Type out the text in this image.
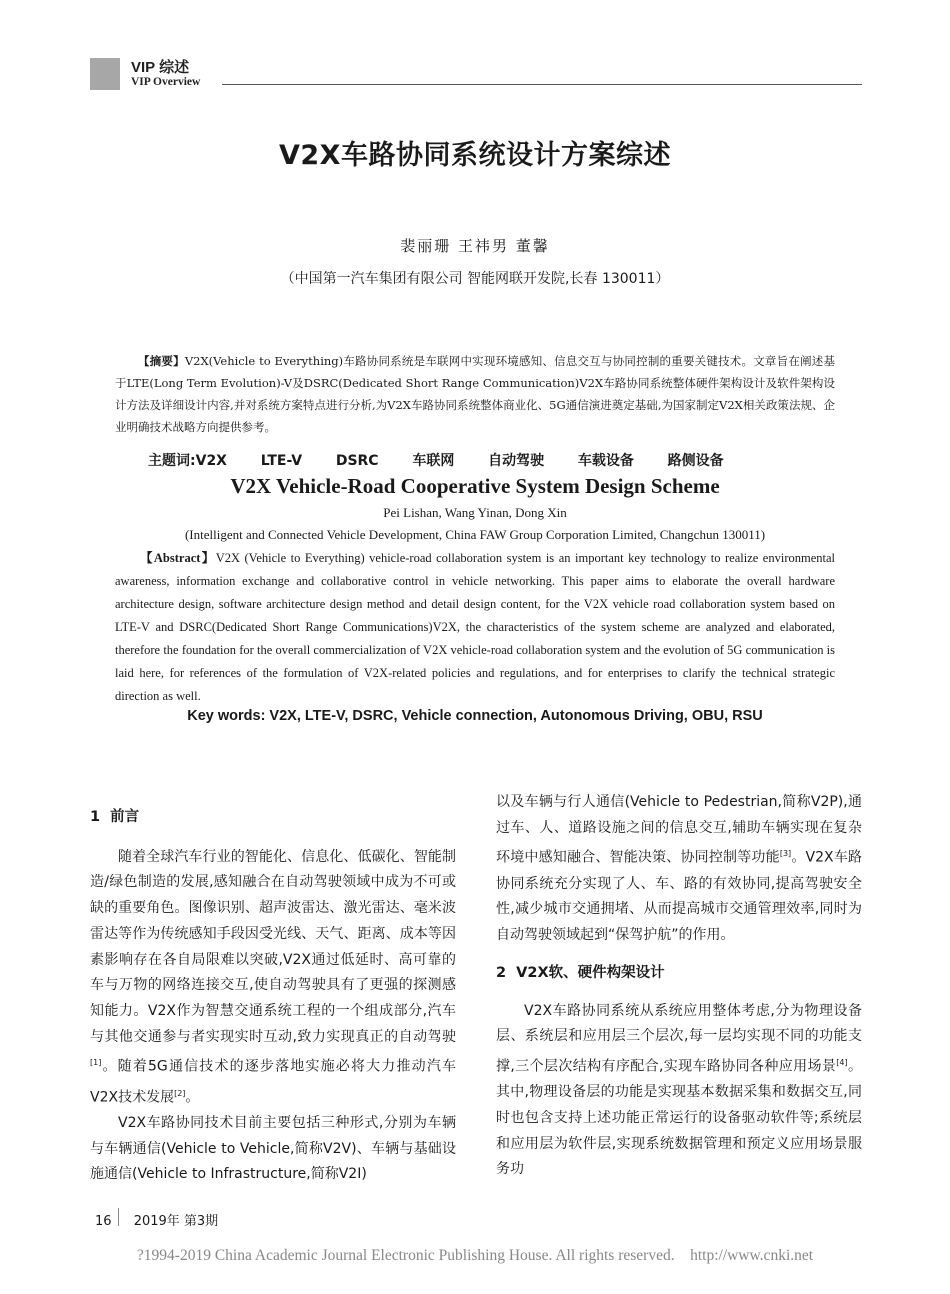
VIP 综述
VIP Overview
V2X车路协同系统设计方案综述
裴丽珊 王祎男 董馨
（中国第一汽车集团有限公司 智能网联开发院,长春 130011）
【摘要】V2X(Vehicle to Everything)车路协同系统是车联网中实现环境感知、信息交互与协同控制的重要关键技术。文章旨在阐述基于LTE(Long Term Evolution)-V及DSRC(Dedicated Short Range Communication)V2X车路协同系统整体硬件架构设计及软件架构设计方法及详细设计内容,并对系统方案特点进行分析,为V2X车路协同系统整体商业化、5G通信演进奠定基础,为国家制定V2X相关政策法规、企业明确技术战略方向提供参考。
主题词:V2X  LTE-V  DSRC  车联网  自动驾驶  车载设备  路侧设备
V2X Vehicle-Road Cooperative System Design Scheme
Pei Lishan, Wang Yinan, Dong Xin
(Intelligent and Connected Vehicle Development, China FAW Group Corporation Limited, Changchun 130011)
【Abstract】V2X (Vehicle to Everything) vehicle-road collaboration system is an important key technology to realize environmental awareness, information exchange and collaborative control in vehicle networking. This paper aims to elaborate the overall hardware architecture design, software architecture design method and detail design content, for the V2X vehicle road collaboration system based on LTE-V and DSRC(Dedicated Short Range Communications)V2X, the characteristics of the system scheme are analyzed and elaborated, therefore the foundation for the overall commercialization of V2X vehicle-road collaboration system and the evolution of 5G communication is laid here, for references of the formulation of V2X-related policies and regulations, and for enterprises to clarify the technical strategic direction as well.
Key words: V2X, LTE-V, DSRC, Vehicle connection, Autonomous Driving, OBU, RSU
1  前言

随着全球汽车行业的智能化、信息化、低碳化、智能制造/绿色制造的发展,感知融合在自动驾驶领域中成为不可或缺的重要角色。图像识别、超声波雷达、激光雷达、毫米波雷达等作为传统感知手段因受光线、天气、距离、成本等因素影响存在各自局限难以突破,V2X通过低延时、高可靠的车与万物的网络连接交互,使自动驾驶具有了更强的探测感知能力。V2X作为智慧交通系统工程的一个组成部分,汽车与其他交通参与者实现实时互动,致力实现真正的自动驾驶[1]。随着5G通信技术的逐步落地实施必将大力推动汽车V2X技术发展[2]。

V2X车路协同技术目前主要包括三种形式,分别为车辆与车辆通信(Vehicle to Vehicle,简称V2V)、车辆与基础设施通信(Vehicle to Infrastructure,简称V2I)

以及车辆与行人通信(Vehicle to Pedestrian,简称V2P),通过车、人、道路设施之间的信息交互,辅助车辆实现在复杂环境中感知融合、智能决策、协同控制等功能[3]。V2X车路协同系统充分实现了人、车、路的有效协同,提高驾驶安全性,减少城市交通拥堵、从而提高城市交通管理效率,同时为自动驾驶领域起到“保驾护航”的作用。

2  V2X软、硬件构架设计

V2X车路协同系统从系统应用整体考虑,分为物理设备层、系统层和应用层三个层次,每一层均实现不同的功能支撑,三个层次结构有序配合,实现车路协同各种应用场景[4]。其中,物理设备层的功能是实现基本数据采集和数据交互,同时也包含支持上述功能正常运行的设备驱动软件等;系统层和应用层为软件层,实现系统数据管理和预定义应用场景服务功

16 2019年 第3期
?1994-2019 China Academic Journal Electronic Publishing House. All rights reserved.    http://www.cnki.net
